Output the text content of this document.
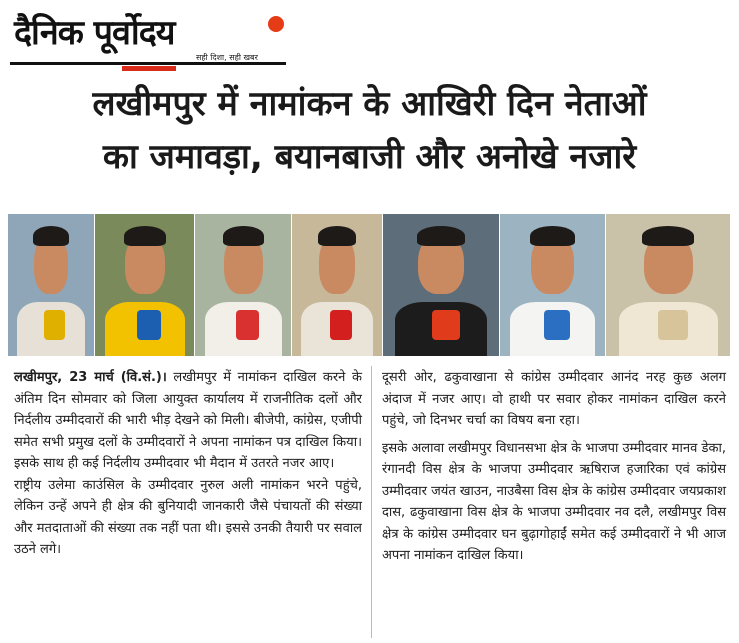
दैनिक पूर्वोदय
सही दिशा, सही खबर
लखीमपुर में नामांकन के आखिरी दिन नेताओं
का जमावड़ा, बयानबाजी और अनोखे नजारे

लखीमपुर, 23 मार्च (वि.सं.)। लखीमपुर में नामांकन दाखिल करने के अंतिम दिन सोमवार को जिला आयुक्त कार्यालय में राजनीतिक दलों और निर्दलीय उम्मीदवारों की भारी भीड़ देखने को मिली। बीजेपी, कांग्रेस, एजीपी समेत सभी प्रमुख दलों के उम्मीदवारों ने अपना नामांकन पत्र दाखिल किया। इसके साथ ही कई निर्दलीय उम्मीदवार भी मैदान में उतरते नजर आए।

राष्ट्रीय उलेमा काउंसिल के उम्मीदवार नुरुल अली नामांकन भरने पहुंचे, लेकिन उन्हें अपने ही क्षेत्र की बुनियादी जानकारी जैसे पंचायतों की संख्या और मतदाताओं की संख्या तक नहीं पता थी। इससे उनकी तैयारी पर सवाल उठने लगे।

दूसरी ओर, ढकुवाखाना से कांग्रेस उम्मीदवार आनंद नरह कुछ अलग अंदाज में नजर आए। वो हाथी पर सवार होकर नामांकन दाखिल करने पहुंचे, जो दिनभर चर्चा का विषय बना रहा।

इसके अलावा लखीमपुर विधानसभा क्षेत्र के भाजपा उम्मीदवार मानव डेका, रंगानदी विस क्षेत्र के भाजपा उम्मीदवार ऋषिराज हजारिका एवं कांग्रेस उम्मीदवार जयंत खाउन, नाउबैसा विस क्षेत्र के कांग्रेस उम्मीदवार जयप्रकाश दास, ढकुवाखाना विस क्षेत्र के भाजपा उम्मीदवार नव दलै, लखीमपुर विस क्षेत्र के कांग्रेस उम्मीदवार घन बुढ़ागोहाईं समेत कई उम्मीदवारों ने भी आज अपना नामांकन दाखिल किया।
